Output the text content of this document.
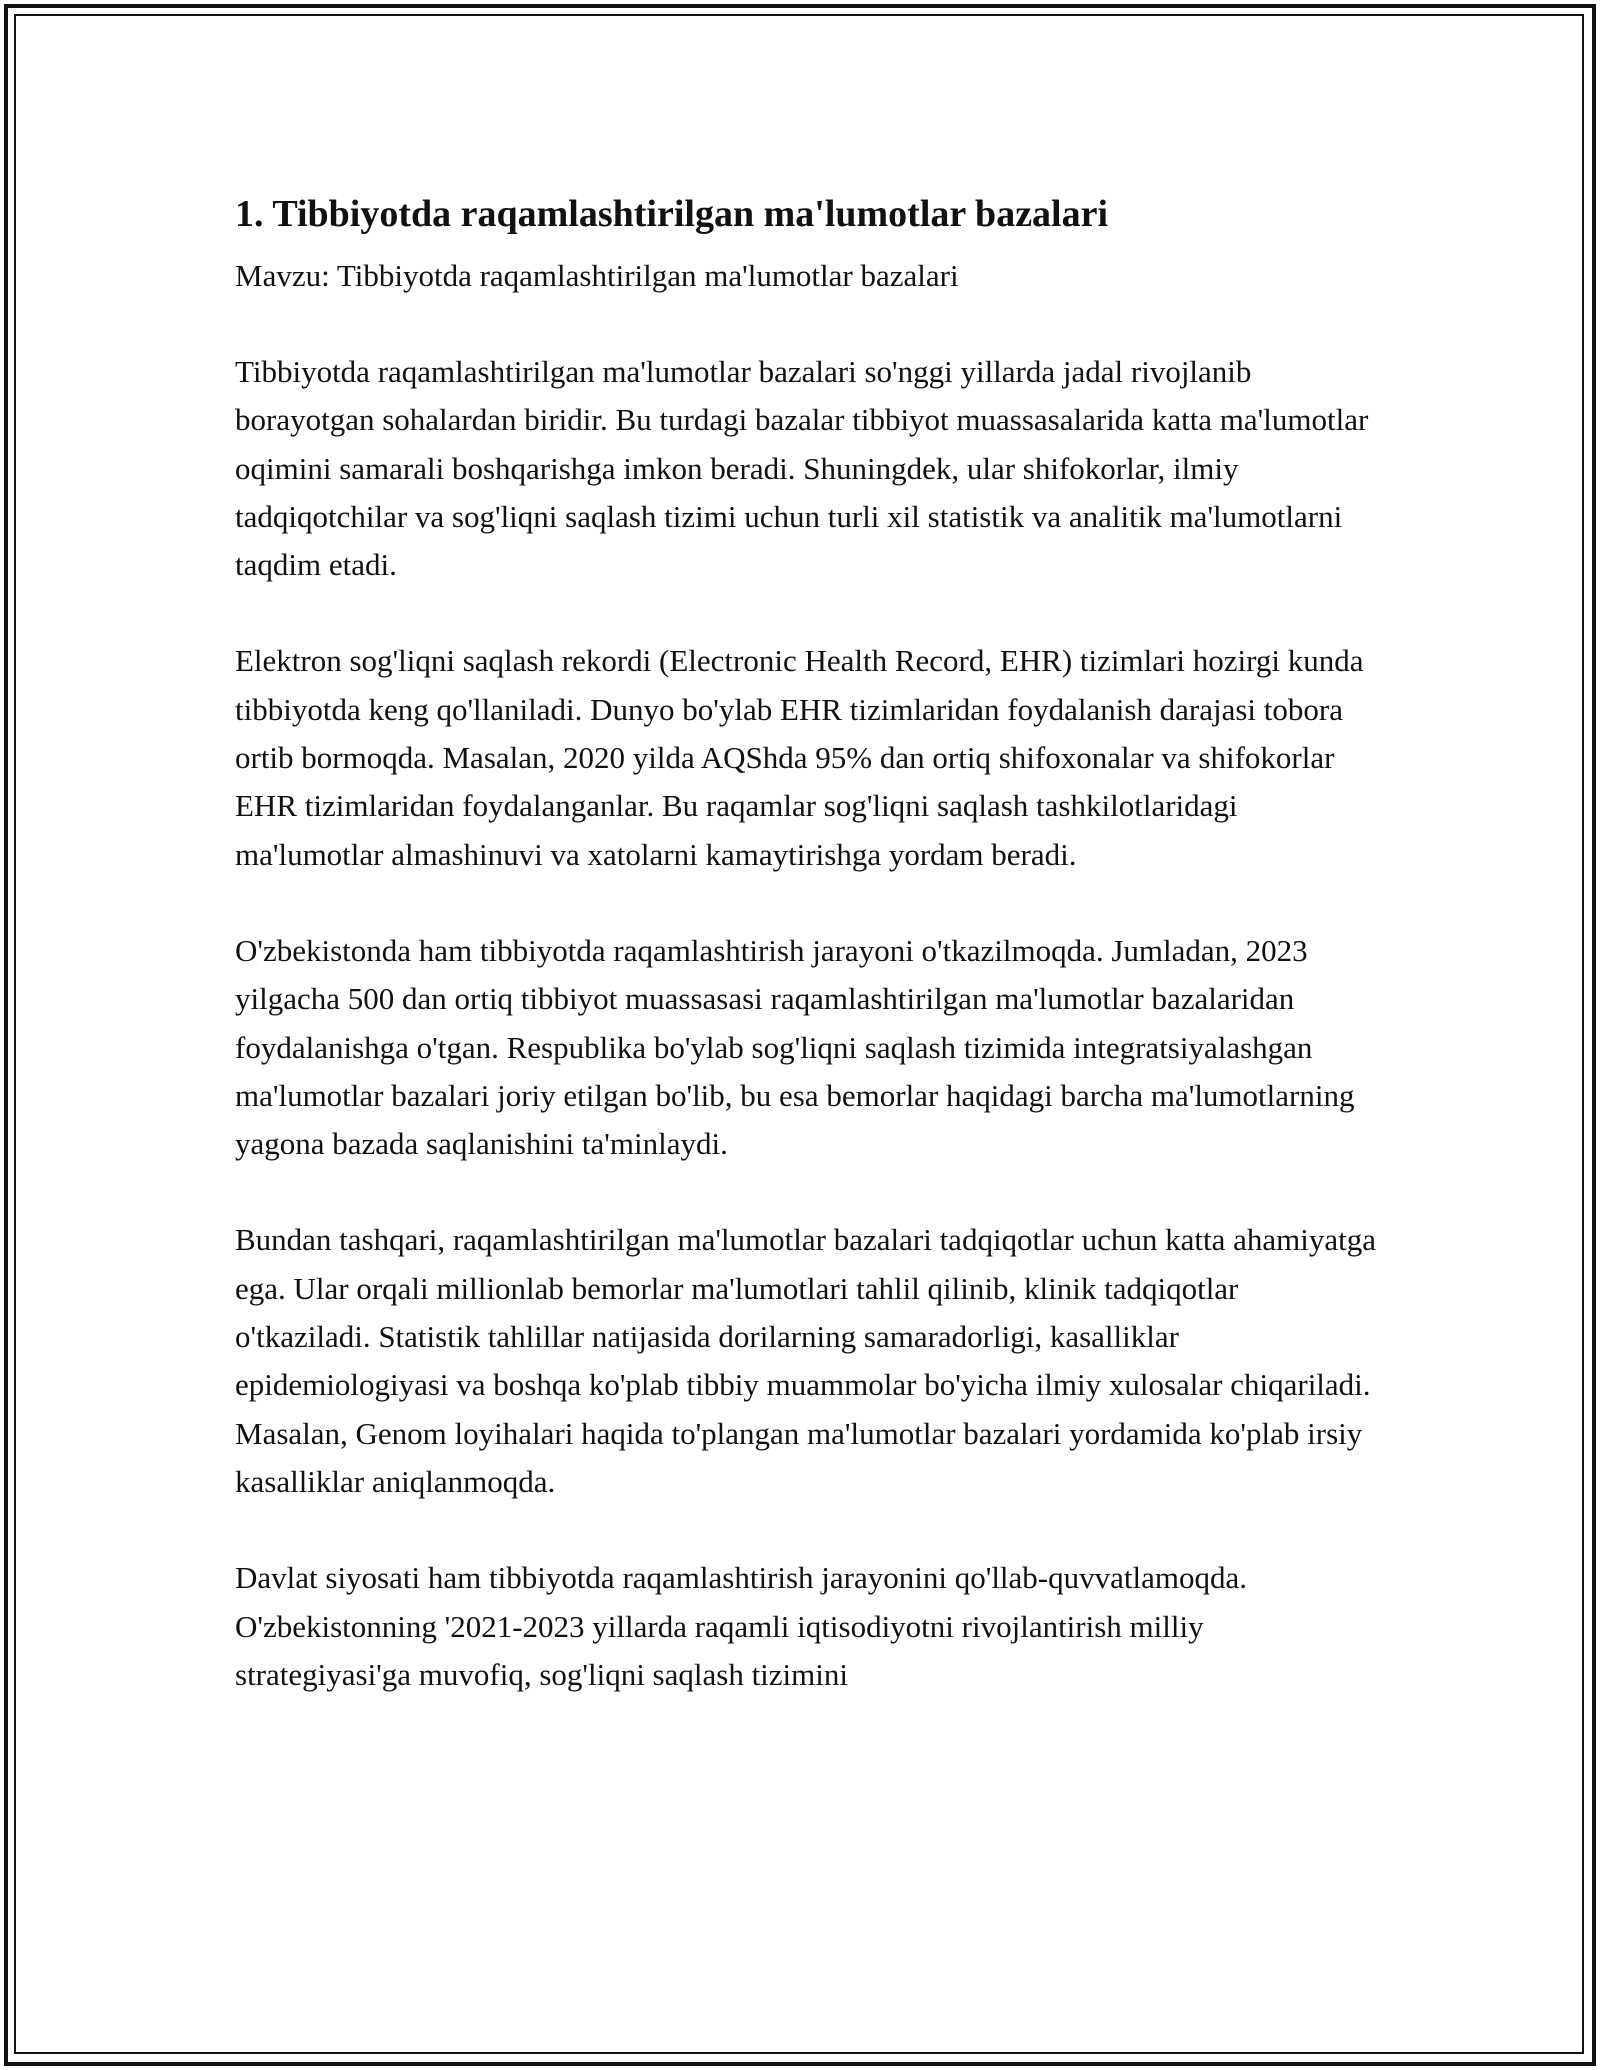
1. Tibbiyotda raqamlashtirilgan ma'lumotlar bazalari

Mavzu: Tibbiyotda raqamlashtirilgan ma'lumotlar bazalari

Tibbiyotda raqamlashtirilgan ma'lumotlar bazalari so'nggi yillarda jadal rivojlanib borayotgan sohalardan biridir. Bu turdagi bazalar tibbiyot muassasalarida katta ma'lumotlar oqimini samarali boshqarishga imkon beradi. Shuningdek, ular shifokorlar, ilmiy tadqiqotchilar va sog'liqni saqlash tizimi uchun turli xil statistik va analitik ma'lumotlarni taqdim etadi.

Elektron sog'liqni saqlash rekordi (Electronic Health Record, EHR) tizimlari hozirgi kunda tibbiyotda keng qo'llaniladi. Dunyo bo'ylab EHR tizimlaridan foydalanish darajasi tobora ortib bormoqda. Masalan, 2020 yilda AQShda 95% dan ortiq shifoxonalar va shifokorlar EHR tizimlaridan foydalanganlar. Bu raqamlar sog'liqni saqlash tashkilotlaridagi ma'lumotlar almashinuvi va xatolarni kamaytirishga yordam beradi.

O'zbekistonda ham tibbiyotda raqamlashtirish jarayoni o'tkazilmoqda. Jumladan, 2023 yilgacha 500 dan ortiq tibbiyot muassasasi raqamlashtirilgan ma'lumotlar bazalaridan foydalanishga o'tgan. Respublika bo'ylab sog'liqni saqlash tizimida integratsiyalashgan ma'lumotlar bazalari joriy etilgan bo'lib, bu esa bemorlar haqidagi barcha ma'lumotlarning yagona bazada saqlanishini ta'minlaydi.

Bundan tashqari, raqamlashtirilgan ma'lumotlar bazalari tadqiqotlar uchun katta ahamiyatga ega. Ular orqali millionlab bemorlar ma'lumotlari tahlil qilinib, klinik tadqiqotlar o'tkaziladi. Statistik tahlillar natijasida dorilarning samaradorligi, kasalliklar epidemiologiyasi va boshqa ko'plab tibbiy muammolar bo'yicha ilmiy xulosalar chiqariladi. Masalan, Genom loyihalari haqida to'plangan ma'lumotlar bazalari yordamida ko'plab irsiy kasalliklar aniqlanmoqda.

Davlat siyosati ham tibbiyotda raqamlashtirish jarayonini qo'llab-quvvatlamoqda. O'zbekistonning '2021-2023 yillarda raqamli iqtisodiyotni rivojlantirish milliy strategiyasi'ga muvofiq, sog'liqni saqlash tizimini
